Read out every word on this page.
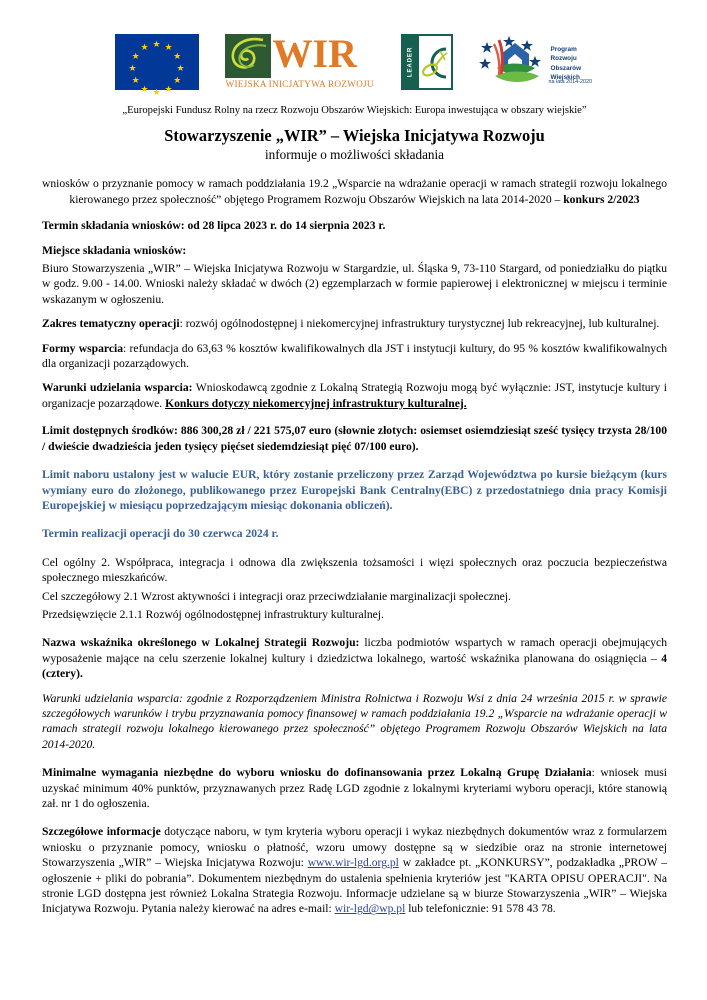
★ ★
★
★
★
★
★
★
★
★
★
★	WIR
WIEJSKA INICJATYWA ROZWOJU
LEADER	Program
Rozwoju
Obszarów
Wiejskich
na lata 2014-2020

„Europejski Fundusz Rolny na rzecz Rozwoju Obszarów Wiejskich: Europa inwestująca w obszary wiejskie”

Stowarzyszenie „WIR” – Wiejska Inicjatywa Rozwoju

informuje o możliwości składania

wniosków o przyznanie pomocy w ramach poddziałania 19.2 „Wsparcie na wdrażanie operacji w ramach strategii rozwoju lokalnego kierowanego przez społeczność” objętego Programem Rozwoju Obszarów Wiejskich na lata 2014-2020 – konkurs 2/2023

Termin składania wniosków: od 28 lipca 2023 r. do 14 sierpnia 2023 r.

Miejsce składania wniosków:

Biuro Stowarzyszenia „WIR” – Wiejska Inicjatywa Rozwoju w Stargardzie, ul. Śląska 9, 73-110 Stargard, od poniedziałku do piątku w godz. 9.00 - 14.00. Wnioski należy składać w dwóch (2) egzemplarzach w formie papierowej i elektronicznej w miejscu i terminie wskazanym w ogłoszeniu.

Zakres tematyczny operacji: rozwój ogólnodostępnej i niekomercyjnej infrastruktury turystycznej lub rekreacyjnej, lub kulturalnej.

Formy wsparcia: refundacja do 63,63 % kosztów kwalifikowalnych dla JST i instytucji kultury, do 95 % kosztów kwalifikowalnych dla organizacji pozarządowych.

Warunki udzielania wsparcia: Wnioskodawcą zgodnie z Lokalną Strategią Rozwoju mogą być wyłącznie: JST, instytucje kultury i organizacje pozarządowe. Konkurs dotyczy niekomercyjnej infrastruktury kulturalnej.

Limit dostępnych środków: 886 300,28 zł / 221 575,07 euro (słownie złotych: osiemset osiemdziesiąt sześć tysięcy trzysta 28/100 / dwieście dwadzieścia jeden tysięcy pięćset siedemdziesiąt pięć 07/100 euro).

Limit naboru ustalony jest w walucie EUR, który zostanie przeliczony przez Zarząd Województwa po kursie bieżącym (kurs wymiany euro do złożonego, publikowanego przez Europejski Bank Centralny(EBC) z przedostatniego dnia pracy Komisji Europejskiej w miesiącu poprzedzającym miesiąc dokonania obliczeń).

Termin realizacji operacji do 30 czerwca 2024 r.

Cel ogólny 2. Współpraca, integracja i odnowa dla zwiększenia tożsamości i więzi społecznych oraz poczucia bezpieczeństwa społecznego mieszkańców.

Cel szczegółowy 2.1 Wzrost aktywności i integracji oraz przeciwdziałanie marginalizacji społecznej.

Przedsięwzięcie 2.1.1 Rozwój ogólnodostępnej infrastruktury kulturalnej.

Nazwa wskaźnika określonego w Lokalnej Strategii Rozwoju: liczba podmiotów wspartych w ramach operacji obejmujących wyposażenie mające na celu szerzenie lokalnej kultury i dziedzictwa lokalnego, wartość wskaźnika planowana do osiągnięcia – 4 (cztery).

Warunki udzielania wsparcia: zgodnie z Rozporządzeniem Ministra Rolnictwa i Rozwoju Wsi z dnia 24 września 2015 r. w sprawie szczegółowych warunków i trybu przyznawania pomocy finansowej w ramach poddziałania 19.2 „Wsparcie na wdrażanie operacji w ramach strategii rozwoju lokalnego kierowanego przez społeczność” objętego Programem Rozwoju Obszarów Wiejskich na lata 2014-2020.

Minimalne wymagania niezbędne do wyboru wniosku do dofinansowania przez Lokalną Grupę Działania: wniosek musi uzyskać minimum 40% punktów, przyznawanych przez Radę LGD zgodnie z lokalnymi kryteriami wyboru operacji, które stanowią zał. nr 1 do ogłoszenia.

Szczegółowe informacje dotyczące naboru, w tym kryteria wyboru operacji i wykaz niezbędnych dokumentów wraz z formularzem wniosku o przyznanie pomocy, wniosku o płatność, wzoru umowy dostępne są w siedzibie oraz na stronie internetowej Stowarzyszenia „WIR” – Wiejska Inicjatywa Rozwoju: www.wir-lgd.org.pl w zakładce pt. „KONKURSY”, podzakładka „PROW – ogłoszenie + pliki do pobrania”. Dokumentem niezbędnym do ustalenia spełnienia kryteriów jest "KARTA OPISU OPERACJI". Na stronie LGD dostępna jest również Lokalna Strategia Rozwoju. Informacje udzielane są w biurze Stowarzyszenia „WIR” – Wiejska Inicjatywa Rozwoju. Pytania należy kierować na adres e-mail: wir-lgd@wp.pl lub telefonicznie: 91 578 43 78.
